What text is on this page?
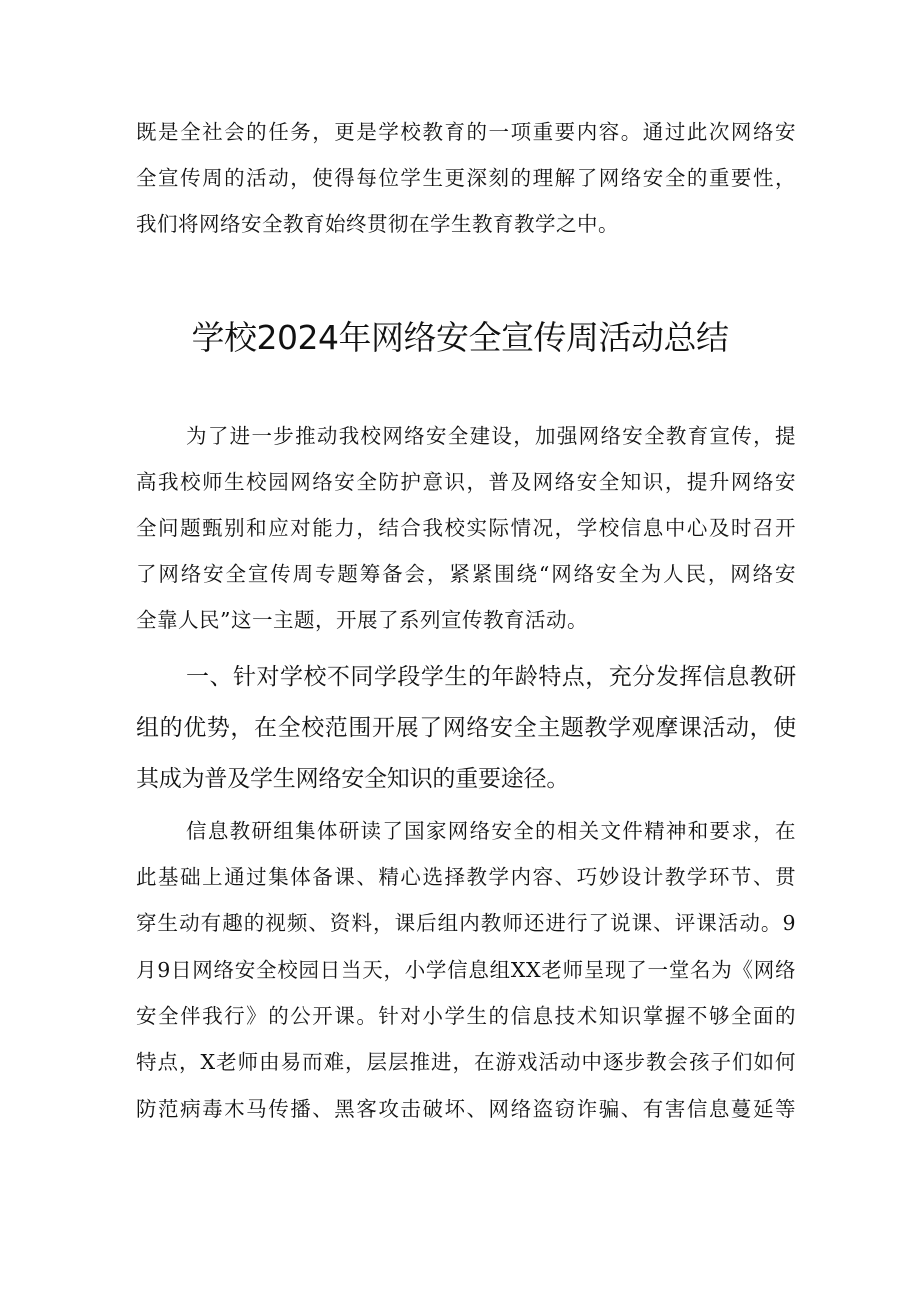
既是全社会的任务，更是学校教育的一项重要内容。通过此次网络安
全宣传周的活动，使得每位学生更深刻的理解了网络安全的重要性，
我们将网络安全教育始终贯彻在学生教育教学之中。
学校2024年网络安全宣传周活动总结
为了进一步推动我校网络安全建设，加强网络安全教育宣传，提
高我校师生校园网络安全防护意识，普及网络安全知识，提升网络安
全问题甄别和应对能力，结合我校实际情况，学校信息中心及时召开
了网络安全宣传周专题筹备会，紧紧围绕“网络安全为人民，网络安
全靠人民”这一主题，开展了系列宣传教育活动。
一、针对学校不同学段学生的年龄特点，充分发挥信息教研
组的优势，在全校范围开展了网络安全主题教学观摩课活动，使
其成为普及学生网络安全知识的重要途径。
信息教研组集体研读了国家网络安全的相关文件精神和要求，在
此基础上通过集体备课、精心选择教学内容、巧妙设计教学环节、贯
穿生动有趣的视频、资料，课后组内教师还进行了说课、评课活动。9
月9日网络安全校园日当天，小学信息组XX老师呈现了一堂名为《网络
安全伴我行》的公开课。针对小学生的信息技术知识掌握不够全面的
特点，X老师由易而难，层层推进，在游戏活动中逐步教会孩子们如何
防范病毒木马传播、黑客攻击破坏、网络盗窃诈骗、有害信息蔓延等
